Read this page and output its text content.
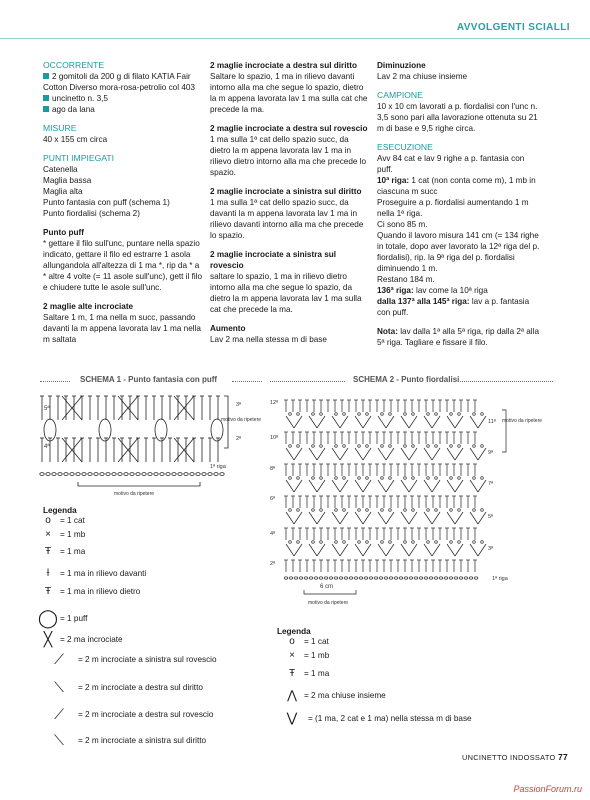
AVVOLGENTI SCIALLI

OCCORRENTE

2 gomitoli da 200 g di filato KATIA Fair Cotton Diverso mora-rosa-petrolio col 403

uncinetto n. 3,5

ago da lana

MISURE

40 x 155 cm circa

PUNTI IMPIEGATI

Catenella

Maglia bassa

Maglia alta

Punto fantasia con puff (schema 1)

Punto fiordalisi (schema 2)

Punto puff

* gettare il filo sull'unc, puntare nella spazio indicato, gettare il filo ed estrarre 1 asola allungandola all'altezza di 1 ma *, rip da * a * altre 4 volte (= 11 asole sull'unc), gett il filo e chiudere tutte le asole sull'unc.

2 maglie alte incrociate

Saltare 1 m, 1 ma nella m succ, passando davanti la m appena lavorata lav 1 ma nella m saltata

2 maglie incrociate a destra sul diritto

Saltare lo spazio, 1 ma in rilievo davanti intorno alla ma che segue lo spazio, dietro la m appena lavorata lav 1 ma sulla cat che precede la ma.

2 maglie incrociate a destra sul rovescio

1 ma sulla 1ª cat dello spazio succ, da dietro la m appena lavorata lav 1 ma in rilievo dietro intorno alla ma che precede lo spazio.

2 maglie incrociate a sinistra sul diritto

1 ma sulla 1ª cat dello spazio succ, da davanti la m appena lavorata lav 1 ma in rilievo davanti intorno alla ma che precede lo spazio.

2 maglie incrociate a sinistra sul rovescio

saltare lo spazio, 1 ma in rilievo dietro intorno alla ma che segue lo spazio, da dietro la m appena lavorata lav 1 ma sulla cat che precede la ma.

Aumento

Lav 2 ma nella stessa m di base

Diminuzione

Lav 2 ma chiuse insieme

CAMPIONE

10 x 10 cm lavorati a p. fiordalisi con l'unc n. 3,5 sono pari alla lavorazione ottenuta su 21 m di base e 9,5 righe circa.

ESECUZIONE

Avv 84 cat e lav 9 righe a p. fantasia con puff.

10ª riga: 1 cat (non conta come m), 1 mb in ciascuna m succ

Proseguire a p. fiordalisi aumentando 1 m nella 1ª riga.

Ci sono 85 m.

Quando il lavoro misura 141 cm (= 134 righe in totale, dopo aver lavorato la 12ª riga del p. fiordalisi), rip. la 9ª riga del p. fiordalisi diminuendo 1 m.

Restano 184 m.

136ª riga: lav come la 10ª riga

dalla 137ª alla 145ª riga: lav a p. fantasia con puff.

Nota: lav dalla 1ª alla 5ª riga, rip dalla 2ª alla 5ª riga. Tagliare e fissare il filo.

SCHEMA 1 - Punto fantasia con puff	SCHEMA 2 - Punto fiordalisi
5ª
4ª
3ª
2ª
1ª riga
motivo da ripetere
motivo da ripetere
12ª
10ª
8ª
6ª
4ª
2ª
11ª
9ª
7ª
5ª
3ª
1ª riga
motivo da ripetere
motivo da ripetere
6 cm
Legenda
o	= 1 cat
×	= 1 mb
Ŧ	= 1 ma
Ɨ	= 1 ma in rilievo davanti
Ŧ	= 1 ma in rilievo dietro
◯ = 1 puff
╳ = 2 ma incrociate
⟋	= 2 m incrociate a sinistra sul rovescio
⟍	= 2 m incrociate a destra sul diritto
⟋	= 2 m incrociate a destra sul rovescio
⟍	= 2 m incrociate a sinistra sul diritto
Legenda
o	= 1 cat
×	= 1 mb
Ŧ	= 1 ma
⋀ = 2 ma chiuse insieme
⋁	= (1 ma, 2 cat e 1 ma) nella stessa m di base
UNCINETTO INDOSSATO 77
PassionForum.ru
